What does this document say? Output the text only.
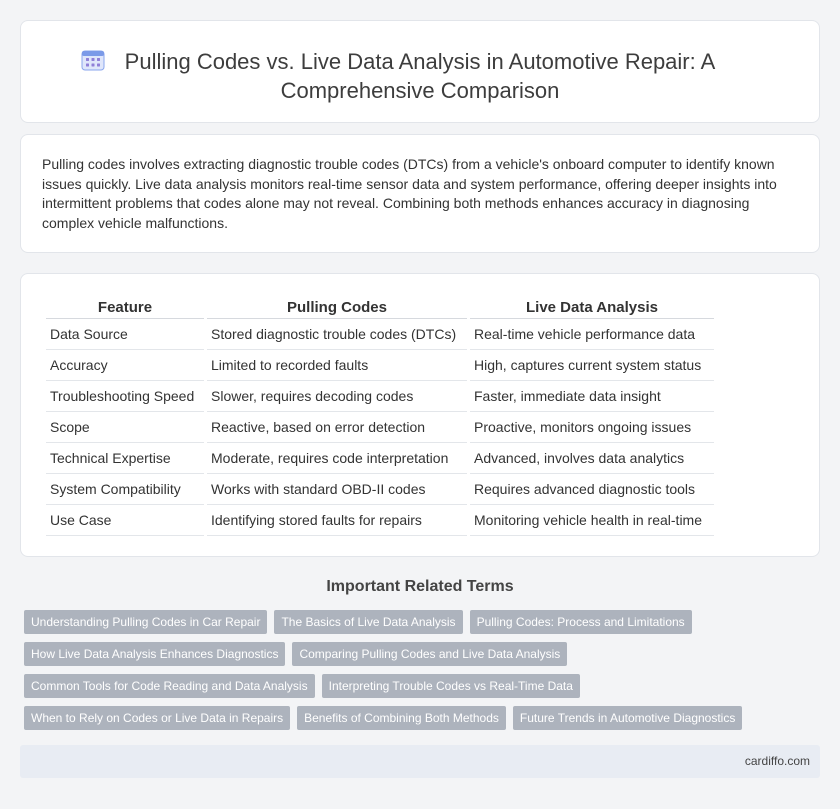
Pulling Codes vs. Live Data Analysis in Automotive Repair: A Comprehensive Comparison

Pulling codes involves extracting diagnostic trouble codes (DTCs) from a vehicle's onboard computer to identify known issues quickly. Live data analysis monitors real-time sensor data and system performance, offering deeper insights into intermittent problems that codes alone may not reveal. Combining both methods enhances accuracy in diagnosing complex vehicle malfunctions.

Feature	Pulling Codes	Live Data Analysis
Data Source	Stored diagnostic trouble codes (DTCs)	Real-time vehicle performance data
Accuracy	Limited to recorded faults	High, captures current system status
Troubleshooting Speed	Slower, requires decoding codes	Faster, immediate data insight
Scope	Reactive, based on error detection	Proactive, monitors ongoing issues
Technical Expertise	Moderate, requires code interpretation	Advanced, involves data analytics
System Compatibility	Works with standard OBD-II codes	Requires advanced diagnostic tools
Use Case	Identifying stored faults for repairs	Monitoring vehicle health in real-time
Important Related Terms
Understanding Pulling Codes in Car Repair	The Basics of Live Data Analysis	Pulling Codes: Process and Limitations
How Live Data Analysis Enhances Diagnostics	Comparing Pulling Codes and Live Data Analysis
Common Tools for Code Reading and Data Analysis	Interpreting Trouble Codes vs Real-Time Data
When to Rely on Codes or Live Data in Repairs	Benefits of Combining Both Methods	Future Trends in Automotive Diagnostics
cardiffo.com
